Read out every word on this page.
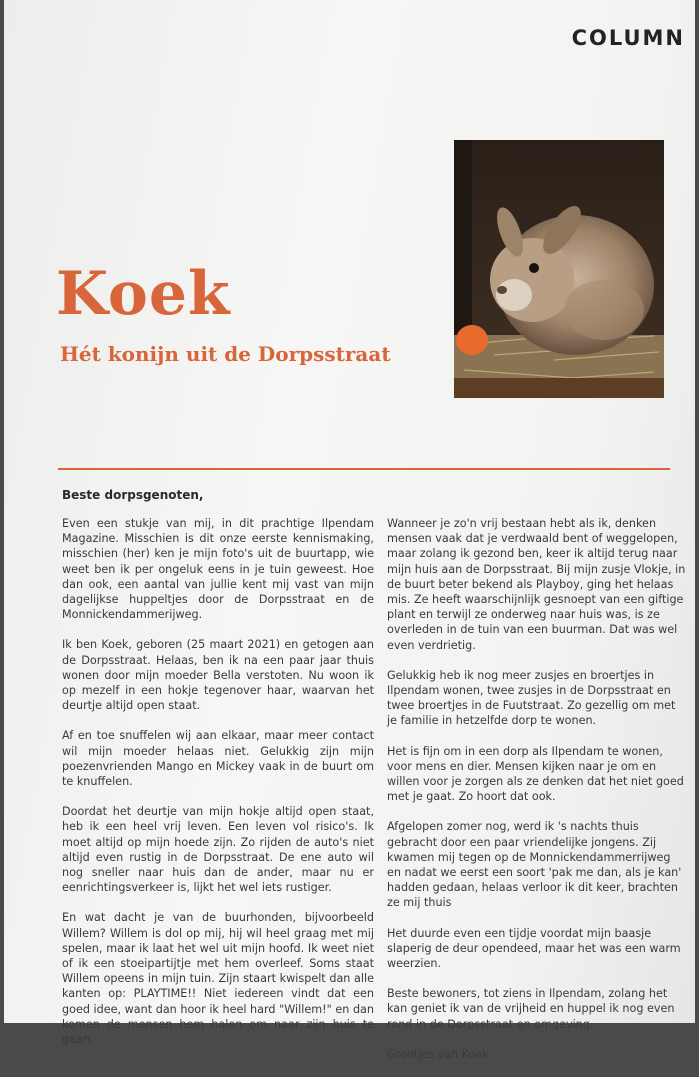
COLUMN
Koek
Hét konijn uit de Dorpsstraat
Beste dorpsgenoten,

Even een stukje van mij, in dit prachtige Ilpendam Magazine. Misschien is dit onze eerste kennismaking, misschien (her) ken je mijn foto's uit de buurtapp, wie weet ben ik per ongeluk eens in je tuin geweest. Hoe dan ook, een aantal van jullie kent mij vast van mijn dagelijkse huppeltjes door de Dorpsstraat en de Monnickendammerijweg.

Ik ben Koek, geboren (25 maart 2021) en getogen aan de Dorpsstraat. Helaas, ben ik na een paar jaar thuis wonen door mijn moeder Bella verstoten. Nu woon ik op mezelf in een hokje tegenover haar, waarvan het deurtje altijd open staat.

Af en toe snuffelen wij aan elkaar, maar meer contact wil mijn moeder helaas niet. Gelukkig zijn mijn poezenvrienden Mango en Mickey vaak in de buurt om te knuffelen.

Doordat het deurtje van mijn hokje altijd open staat, heb ik een heel vrij leven. Een leven vol risico's. Ik moet altijd op mijn hoede zijn. Zo rijden de auto's niet altijd even rustig in de Dorpsstraat. De ene auto wil nog sneller naar huis dan de ander, maar nu er eenrichtingsverkeer is, lijkt het wel iets rustiger.

En wat dacht je van de buurhonden, bijvoorbeeld Willem? Willem is dol op mij, hij wil heel graag met mij spelen, maar ik laat het wel uit mijn hoofd. Ik weet niet of ik een stoeipartijtje met hem overleef. Soms staat Willem opeens in mijn tuin. Zijn staart kwispelt dan alle kanten op: PLAYTIME!! Niet iedereen vindt dat een goed idee, want dan hoor ik heel hard "Willem!" en dan komen de mensen hem halen om naar zijn huis te gaan.

Wanneer je zo'n vrij bestaan hebt als ik, denken mensen vaak dat je verdwaald bent of weggelopen, maar zolang ik gezond ben, keer ik altijd terug naar mijn huis aan de Dorpsstraat. Bij mijn zusje Vlokje, in de buurt beter bekend als Playboy, ging het helaas mis. Ze heeft waarschijnlijk gesnoept van een giftige plant en terwijl ze onderweg naar huis was, is ze overleden in de tuin van een buurman. Dat was wel even verdrietig.

Gelukkig heb ik nog meer zusjes en broertjes in Ilpendam wonen, twee zusjes in de Dorpsstraat en twee broertjes in de Fuutstraat. Zo gezellig om met je familie in hetzelfde dorp te wonen.

Het is fijn om in een dorp als Ilpendam te wonen, voor mens en dier. Mensen kijken naar je om en willen voor je zorgen als ze denken dat het niet goed met je gaat. Zo hoort dat ook.

Afgelopen zomer nog, werd ik 's nachts thuis gebracht door een paar vriendelijke jongens. Zij kwamen mij tegen op de Monnickendammerrijweg en nadat we eerst een soort 'pak me dan, als je kan' hadden gedaan, helaas verloor ik dit keer, brachten ze mij thuis

Het duurde even een tijdje voordat mijn baasje slaperig de deur opendeed, maar het was een warm weerzien.

Beste bewoners, tot ziens in Ilpendam, zolang het kan geniet ik van de vrijheid en huppel ik nog even rond in de Dorpsstraat en omgeving.

Groetjes van Koek
